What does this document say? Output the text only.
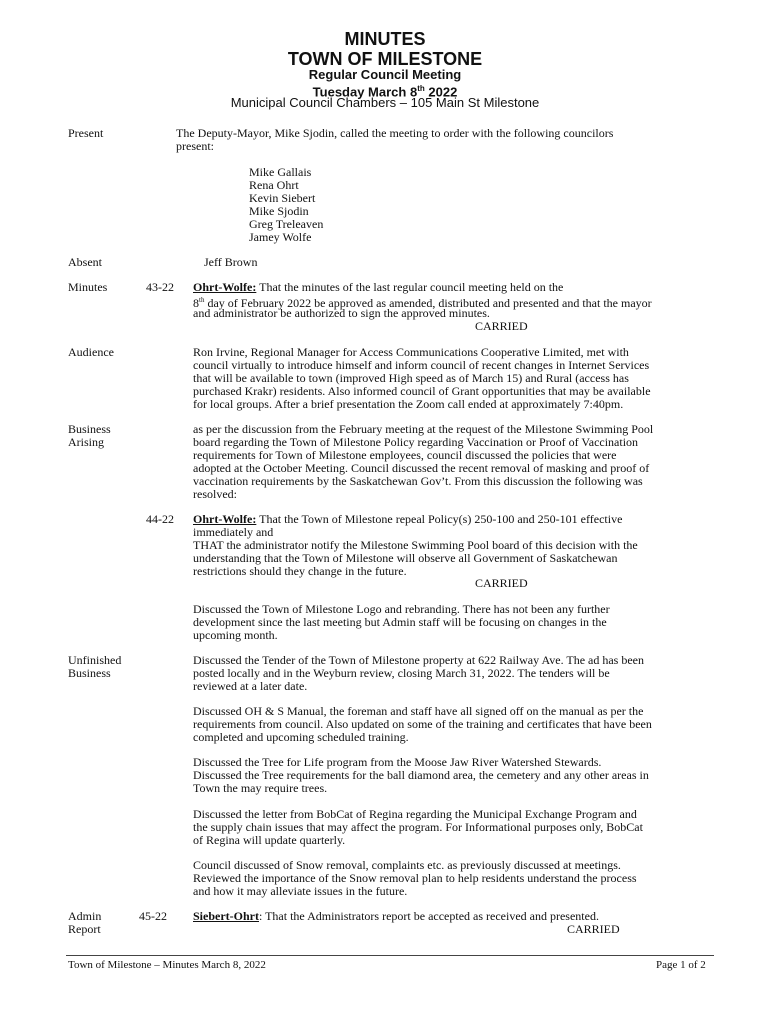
MINUTES
TOWN OF MILESTONE
Regular Council Meeting
Tuesday March 8th 2022
Municipal Council Chambers – 105 Main St Milestone
Present	The Deputy-Mayor, Mike Sjodin, called the meeting to order with the following councilors
present:
Mike Gallais
Rena Ohrt
Kevin Siebert
Mike Sjodin
Greg Treleaven
Jamey Wolfe
Absent	Jeff Brown
Minutes	43-22 Ohrt-Wolfe: That the minutes of the last regular council meeting held on the
8th day of February 2022 be approved as amended, distributed and presented and that the mayor
and administrator be authorized to sign the approved minutes.
CARRIED
Audience	Ron Irvine, Regional Manager for Access Communications Cooperative Limited, met with
council virtually to introduce himself and inform council of recent changes in Internet Services
that will be available to town (improved High speed as of March 15) and Rural (access has
purchased Krakr) residents. Also informed council of Grant opportunities that may be available
for local groups. After a brief presentation the Zoom call ended at approximately 7:40pm.
Business
Arising
as per the discussion from the February meeting at the request of the Milestone Swimming Pool
board regarding the Town of Milestone Policy regarding Vaccination or Proof of Vaccination
requirements for Town of Milestone employees, council discussed the policies that were
adopted at the October Meeting. Council discussed the recent removal of masking and proof of
vaccination requirements by the Saskatchewan Gov’t. From this discussion the following was
resolved:
44-22 Ohrt-Wolfe: That the Town of Milestone repeal Policy(s) 250-100 and 250-101 effective
immediately and
THAT the administrator notify the Milestone Swimming Pool board of this decision with the
understanding that the Town of Milestone will observe all Government of Saskatchewan
restrictions should they change in the future.
CARRIED
Discussed the Town of Milestone Logo and rebranding. There has not been any further
development since the last meeting but Admin staff will be focusing on changes in the
upcoming month.
Unfinished
Business
Discussed the Tender of the Town of Milestone property at 622 Railway Ave. The ad has been
posted locally and in the Weyburn review, closing March 31, 2022. The tenders will be
reviewed at a later date.
Discussed OH & S Manual, the foreman and staff have all signed off on the manual as per the
requirements from council. Also updated on some of the training and certificates that have been
completed and upcoming scheduled training.
Discussed the Tree for Life program from the Moose Jaw River Watershed Stewards.
Discussed the Tree requirements for the ball diamond area, the cemetery and any other areas in
Town the may require trees.
Discussed the letter from BobCat of Regina regarding the Municipal Exchange Program and
the supply chain issues that may affect the program. For Informational purposes only, BobCat
of Regina will update quarterly.
Council discussed of Snow removal, complaints etc. as previously discussed at meetings.
Reviewed the importance of the Snow removal plan to help residents understand the process
and how it may alleviate issues in the future.
Admin
Report
45-22 Siebert-Ohrt: That the Administrators report be accepted as received and presented.
CARRIED
Town of Milestone – Minutes March 8, 2022	Page 1 of 2
